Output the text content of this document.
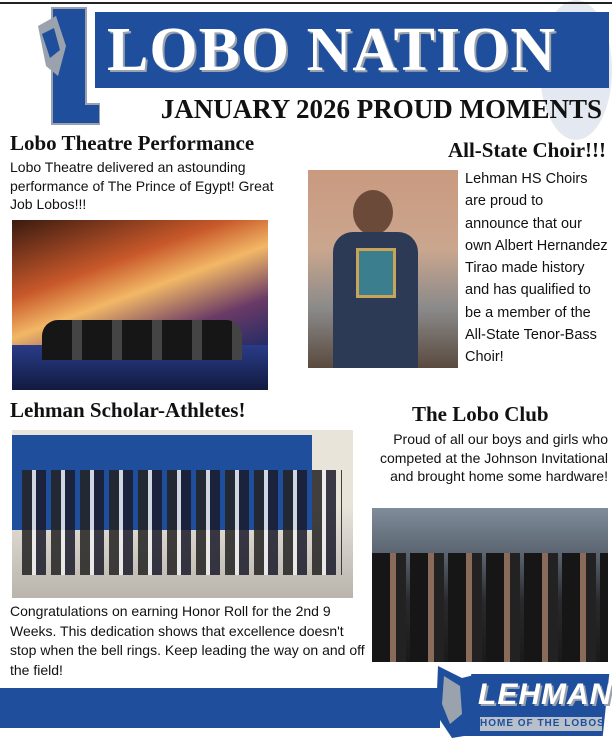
LOBO NATION
JANUARY 2026 PROUD MOMENTS
Lobo Theatre Performance
Lobo Theatre delivered an astounding performance of The Prince of Egypt! Great Job Lobos!!!
All-State Choir!!!
Lehman HS Choirs are proud to announce that our own Albert Hernandez Tirao made history and has qualified to be a member of the All-State Tenor-Bass Choir!
Lehman Scholar-Athletes!
Congratulations on earning Honor Roll for the 2nd 9 Weeks. This dedication shows that excellence doesn't stop when the bell rings. Keep leading the way on and off the field!
The Lobo Club
Proud of all our boys and girls who competed at the Johnson Invitational and brought home some hardware!
LEHMAN
HOME OF THE LOBOS
